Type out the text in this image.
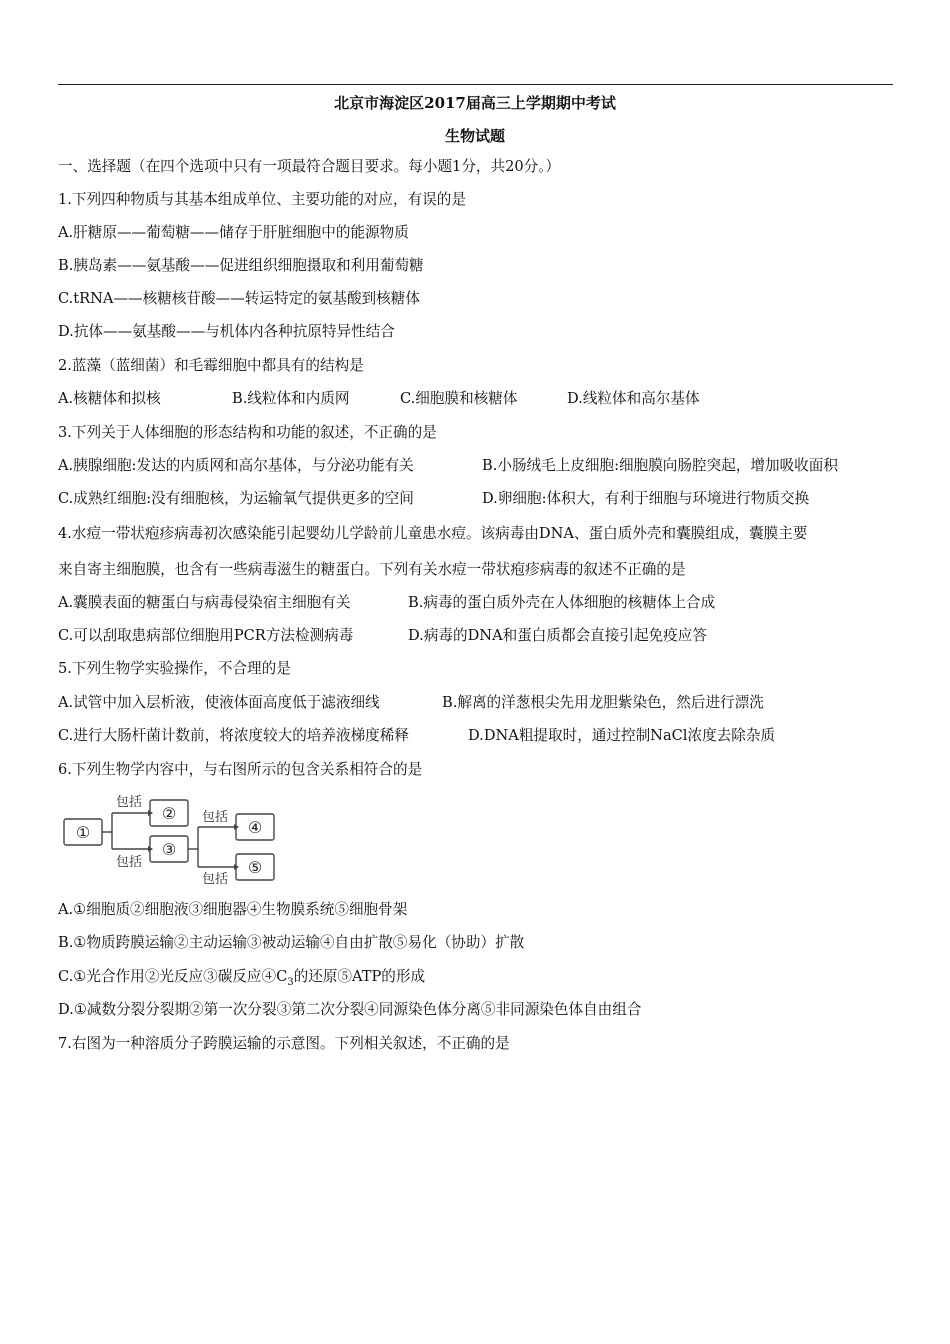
北京市海淀区2017届高三上学期期中考试
生物试题
一、选择题（在四个选项中只有一项最符合题目要求。每小题1分，共20分。）
1.下列四种物质与其基本组成单位、主要功能的对应，有误的是
A.肝糖原——葡萄糖——储存于肝脏细胞中的能源物质
B.胰岛素——氨基酸——促进组织细胞摄取和利用葡萄糖
C.tRNA——核糖核苷酸——转运特定的氨基酸到核糖体
D.抗体——氨基酸——与机体内各种抗原特异性结合
2.蓝藻（蓝细菌）和毛霉细胞中都具有的结构是
A.核糖体和拟核	B.线粒体和内质网	C.细胞膜和核糖体	D.线粒体和高尔基体
3.下列关于人体细胞的形态结构和功能的叙述，不正确的是
A.胰腺细胞:发达的内质网和高尔基体，与分泌功能有关	B.小肠绒毛上皮细胞:细胞膜向肠腔突起，增加吸收面积
C.成熟红细胞:没有细胞核，为运输氧气提供更多的空间	D.卵细胞:体积大，有利于细胞与环境进行物质交换
4.水痘一带状疱疹病毒初次感染能引起婴幼儿学龄前儿童患水痘。该病毒由DNA、蛋白质外壳和囊膜组成，囊膜主要
来自寄主细胞膜，也含有一些病毒滋生的糖蛋白。下列有关水痘一带状疱疹病毒的叙述不正确的是
A.囊膜表面的糖蛋白与病毒侵染宿主细胞有关	B.病毒的蛋白质外壳在人体细胞的核糖体上合成
C.可以刮取患病部位细胞用PCR方法检测病毒	D.病毒的DNA和蛋白质都会直接引起免疫应答
5.下列生物学实验操作，不合理的是
A.试管中加入层析液，使液体面高度低于滤液细线	B.解离的洋葱根尖先用龙胆紫染色，然后进行漂洗
C.进行大肠杆菌计数前，将浓度较大的培养液梯度稀释	D.DNA粗提取时，通过控制NaCl浓度去除杂质
6.下列生物学内容中，与右图所示的包含关系相符合的是
①
②
③
④
⑤
包括
包括
包括
包括
A.①细胞质②细胞液③细胞器④生物膜系统⑤细胞骨架
B.①物质跨膜运输②主动运输③被动运输④自由扩散⑤易化（协助）扩散
C.①光合作用②光反应③碳反应$④C_3$的还原⑤ATP的形成
D.①减数分裂分裂期②第一次分裂③第二次分裂④同源染色体分离⑤非同源染色体自由组合
7.右图为一种溶质分子跨膜运输的示意图。下列相关叙述，不正确的是
